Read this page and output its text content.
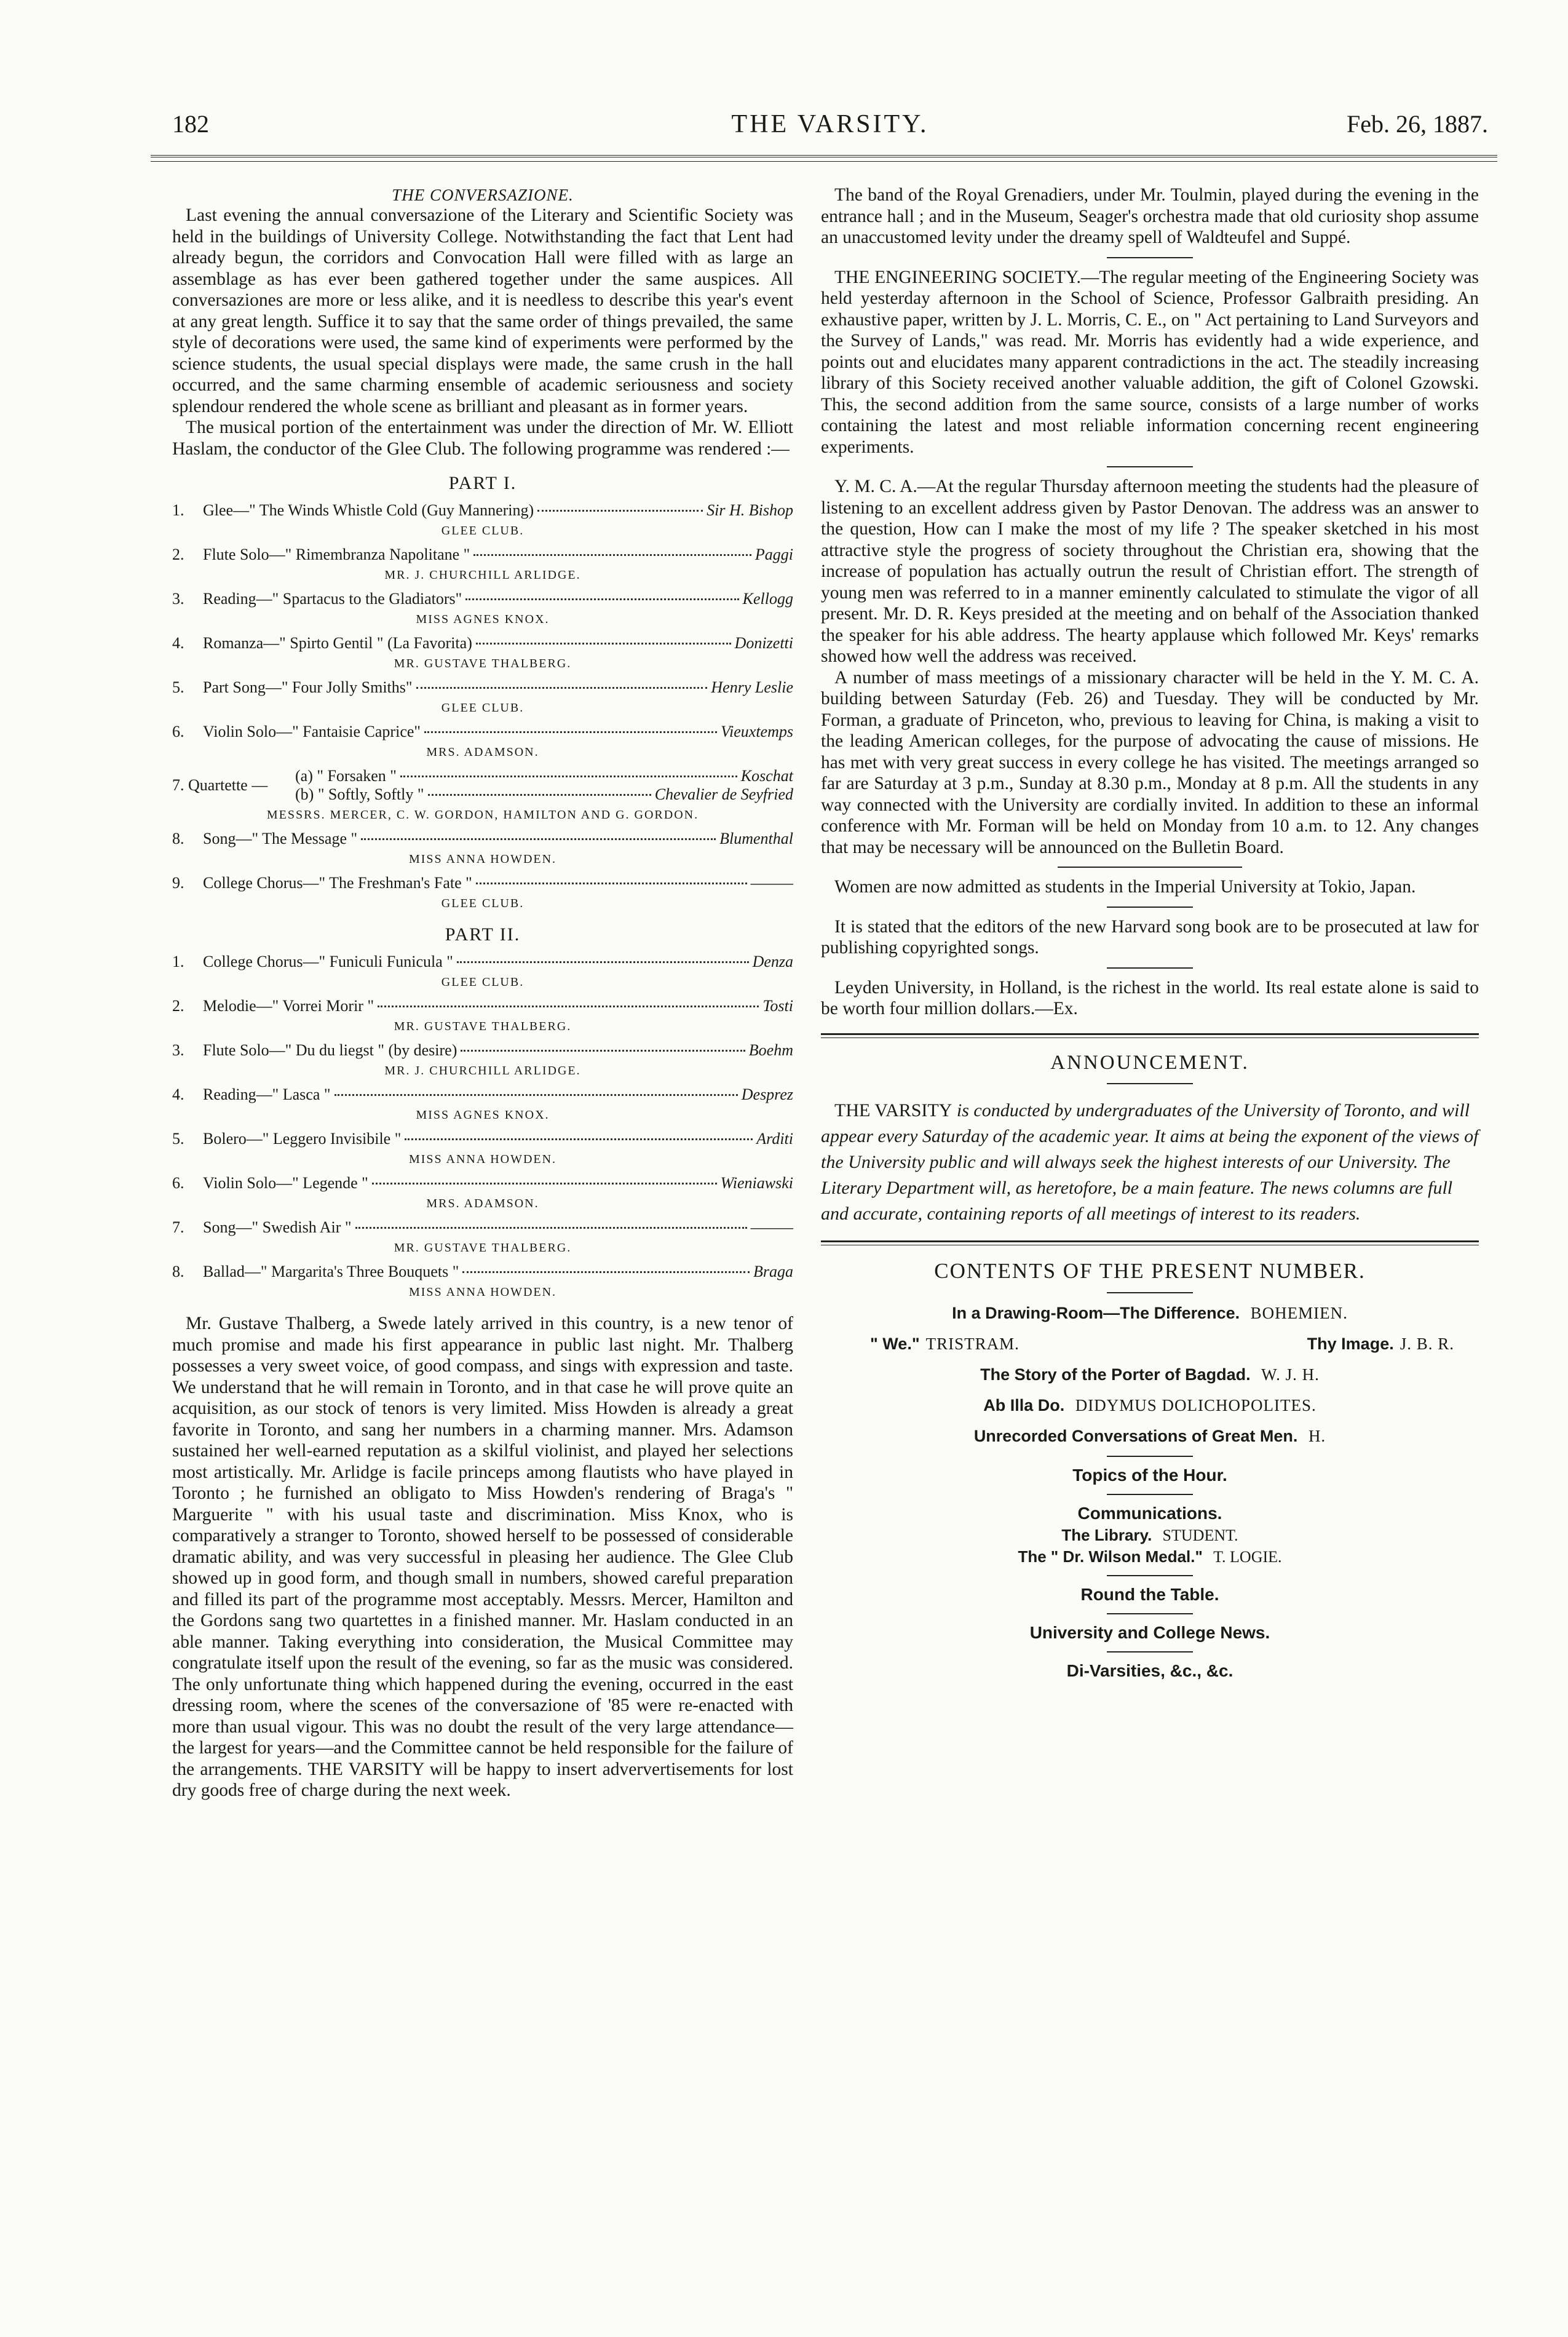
182	THE VARSITY.	Feb. 26, 1887.
THE CONVERSAZIONE.

Last evening the annual conversazione of the Literary and Scientific Society was held in the buildings of University College. Notwithstanding the fact that Lent had already begun, the corridors and Convocation Hall were filled with as large an assemblage as has ever been gathered together under the same auspices. All conversaziones are more or less alike, and it is needless to describe this year's event at any great length. Suffice it to say that the same order of things prevailed, the same style of decorations were used, the same kind of experiments were performed by the science students, the usual special displays were made, the same crush in the hall occurred, and the same charming ensemble of academic seriousness and society splendour rendered the whole scene as brilliant and pleasant as in former years.

The musical portion of the entertainment was under the direction of Mr. W. Elliott Haslam, the conductor of the Glee Club. The following programme was rendered :—

PART I.
1.	Glee—" The Winds Whistle Cold (Guy Mannering)	Sir H. Bishop
GLEE CLUB.
2.	Flute Solo—" Rimembranza Napolitane "	Paggi
MR. J. CHURCHILL ARLIDGE.
3.	Reading—" Spartacus to the Gladiators"	Kellogg
MISS AGNES KNOX.
4.	Romanza—" Spirto Gentil " (La Favorita)	Donizetti
MR. GUSTAVE THALBERG.
5.	Part Song—" Four Jolly Smiths"	Henry Leslie
GLEE CLUB.
6.	Violin Solo—" Fantaisie Caprice"	Vieuxtemps
MRS. ADAMSON.
7. Quartette —
(a) " Forsaken "	Koschat
(b) " Softly, Softly "	Chevalier de Seyfried
MESSRS. MERCER, C. W. GORDON, HAMILTON AND G. GORDON.
8.	Song—" The Message "	Blumenthal
MISS ANNA HOWDEN.
9.	College Chorus—" The Freshman's Fate "	———
GLEE CLUB.
PART II.
1.	College Chorus—" Funiculi Funicula "	Denza
GLEE CLUB.
2.	Melodie—" Vorrei Morir "	Tosti
MR. GUSTAVE THALBERG.
3.	Flute Solo—" Du du liegst " (by desire)	Boehm
MR. J. CHURCHILL ARLIDGE.
4.	Reading—" Lasca "	Desprez
MISS AGNES KNOX.
5.	Bolero—" Leggero Invisibile "	Arditi
MISS ANNA HOWDEN.
6.	Violin Solo—" Legende "	Wieniawski
MRS. ADAMSON.
7.	Song—" Swedish Air "	———
MR. GUSTAVE THALBERG.
8.	Ballad—" Margarita's Three Bouquets "	Braga
MISS ANNA HOWDEN.

Mr. Gustave Thalberg, a Swede lately arrived in this country, is a new tenor of much promise and made his first appearance in public last night. Mr. Thalberg possesses a very sweet voice, of good compass, and sings with expression and taste. We understand that he will remain in Toronto, and in that case he will prove quite an acquisition, as our stock of tenors is very limited. Miss Howden is already a great favorite in Toronto, and sang her numbers in a charming manner. Mrs. Adamson sustained her well-earned reputation as a skilful violinist, and played her selections most artistically. Mr. Arlidge is facile princeps among flautists who have played in Toronto ; he furnished an obligato to Miss Howden's rendering of Braga's " Marguerite " with his usual taste and discrimination. Miss Knox, who is comparatively a stranger to Toronto, showed herself to be possessed of considerable dramatic ability, and was very successful in pleasing her audience. The Glee Club showed up in good form, and though small in numbers, showed careful preparation and filled its part of the programme most acceptably. Messrs. Mercer, Hamilton and the Gordons sang two quartettes in a finished manner. Mr. Haslam conducted in an able manner. Taking everything into consideration, the Musical Committee may congratulate itself upon the result of the evening, so far as the music was considered. The only unfortunate thing which happened during the evening, occurred in the east dressing room, where the scenes of the conversazione of '85 were re-enacted with more than usual vigour. This was no doubt the result of the very large attendance—the largest for years—and the Committee cannot be held responsible for the failure of the arrangements. THE VARSITY will be happy to insert adververtisements for lost dry goods free of charge during the next week.

The band of the Royal Grenadiers, under Mr. Toulmin, played during the evening in the entrance hall ; and in the Museum, Seager's orchestra made that old curiosity shop assume an unaccustomed levity under the dreamy spell of Waldteufel and Suppé.

THE ENGINEERING SOCIETY.—The regular meeting of the Engineering Society was held yesterday afternoon in the School of Science, Professor Galbraith presiding. An exhaustive paper, written by J. L. Morris, C. E., on " Act pertaining to Land Surveyors and the Survey of Lands," was read. Mr. Morris has evidently had a wide experience, and points out and elucidates many apparent contradictions in the act. The steadily increasing library of this Society received another valuable addition, the gift of Colonel Gzowski. This, the second addition from the same source, consists of a large number of works containing the latest and most reliable information concerning recent engineering experiments.

Y. M. C. A.—At the regular Thursday afternoon meeting the students had the pleasure of listening to an excellent address given by Pastor Denovan. The address was an answer to the question, How can I make the most of my life ? The speaker sketched in his most attractive style the progress of society throughout the Christian era, showing that the increase of population has actually outrun the result of Christian effort. The strength of young men was referred to in a manner eminently calculated to stimulate the vigor of all present. Mr. D. R. Keys presided at the meeting and on behalf of the Association thanked the speaker for his able address. The hearty applause which followed Mr. Keys' remarks showed how well the address was received.

A number of mass meetings of a missionary character will be held in the Y. M. C. A. building between Saturday (Feb. 26) and Tuesday. They will be conducted by Mr. Forman, a graduate of Princeton, who, previous to leaving for China, is making a visit to the leading American colleges, for the purpose of advocating the cause of missions. He has met with very great success in every college he has visited. The meetings arranged so far are Saturday at 3 p.m., Sunday at 8.30 p.m., Monday at 8 p.m. All the students in any way connected with the University are cordially invited. In addition to these an informal conference with Mr. Forman will be held on Monday from 10 a.m. to 12. Any changes that may be necessary will be announced on the Bulletin Board.

Women are now admitted as students in the Imperial University at Tokio, Japan.

It is stated that the editors of the new Harvard song book are to be prosecuted at law for publishing copyrighted songs.

Leyden University, in Holland, is the richest in the world. Its real estate alone is said to be worth four million dollars.—Ex.

ANNOUNCEMENT.
THE VARSITY is conducted by undergraduates of the University of Toronto, and will appear every Saturday of the academic year. It aims at being the exponent of the views of the University public and will always seek the highest interests of our University. The Literary Department will, as heretofore, be a main feature. The news columns are full and accurate, containing reports of all meetings of interest to its readers.
CONTENTS OF THE PRESENT NUMBER.
In a Drawing-Room—The Difference. BOHEMIEN.
" We." TRISTRAM.	Thy Image. J. B. R.
The Story of the Porter of Bagdad. W. J. H.
Ab Illa Do. DIDYMUS DOLICHOPOLITES.
Unrecorded Conversations of Great Men. H.
Topics of the Hour.
Communications.
The Library. STUDENT.
The " Dr. Wilson Medal." T. LOGIE.
Round the Table.
University and College News.
Di-Varsities, &c., &c.
